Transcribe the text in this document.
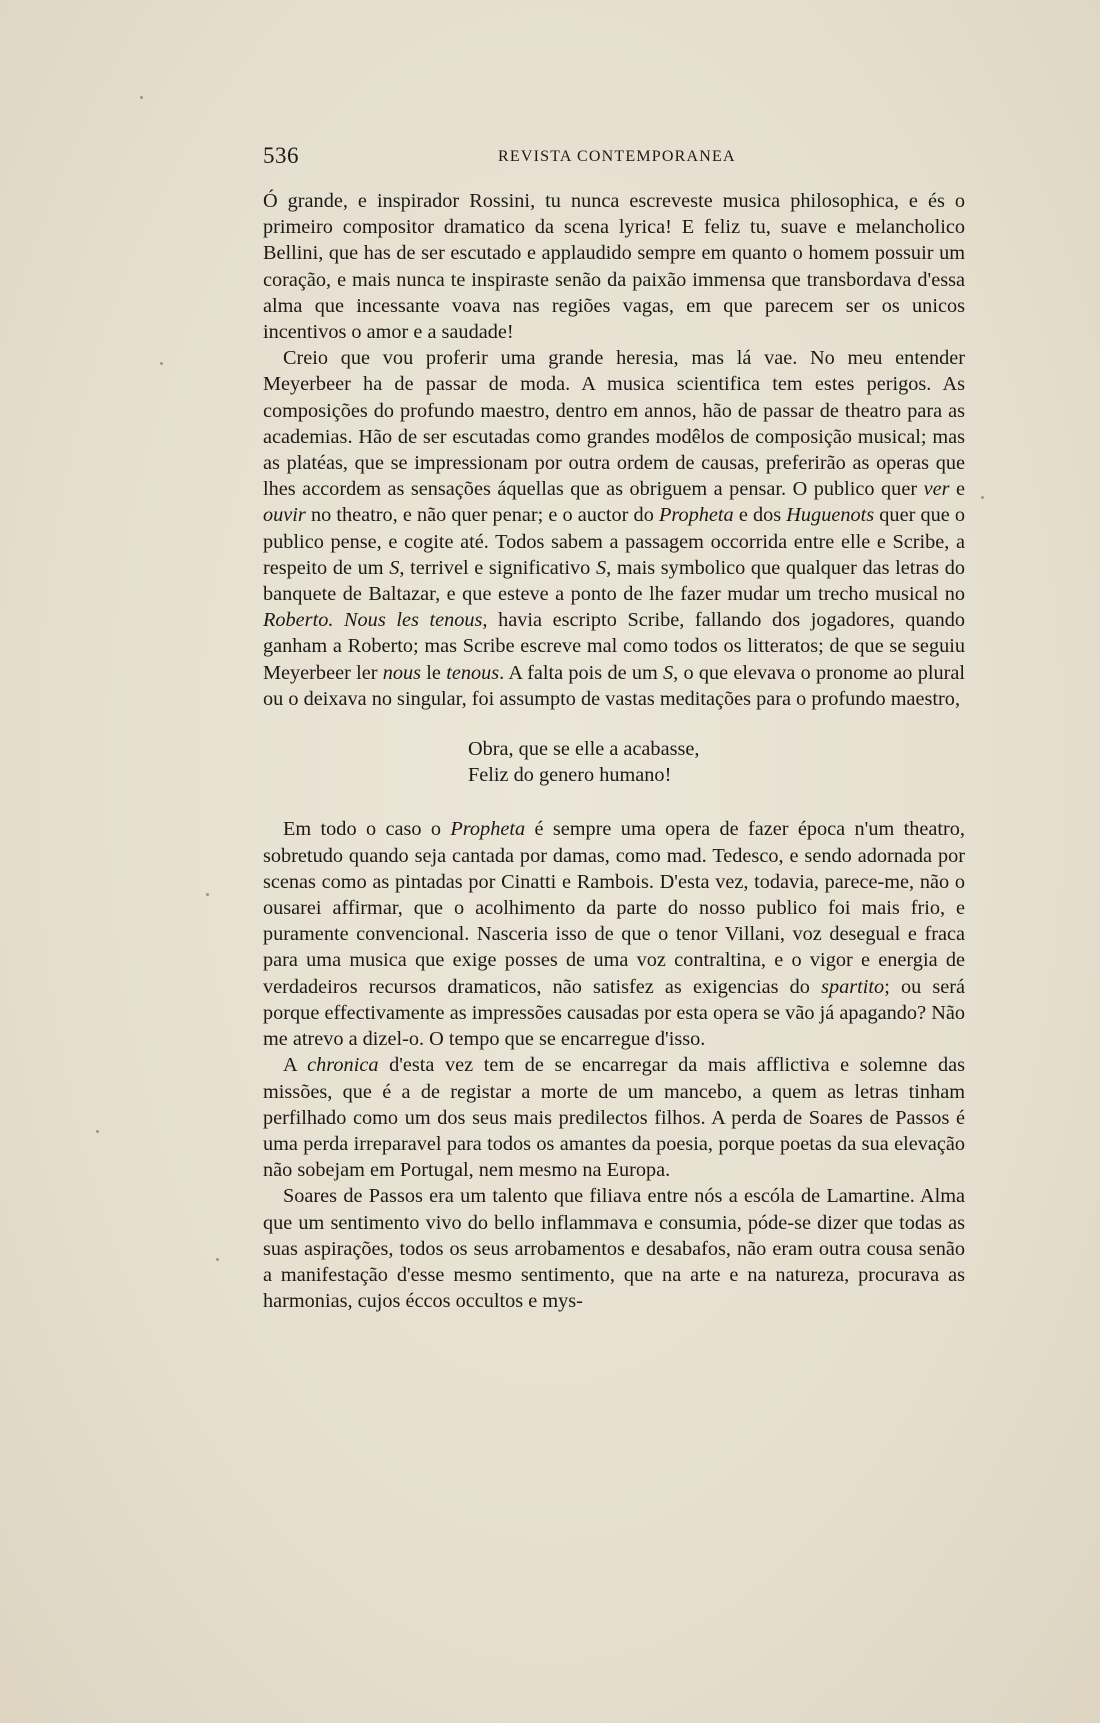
536	REVISTA CONTEMPORANEA

Ó grande, e inspirador Rossini, tu nunca escreveste musica philosophica, e és o primeiro compositor dramatico da scena lyrica! E feliz tu, suave e melancholico Bellini, que has de ser escutado e applaudido sempre em quanto o homem possuir um coração, e mais nunca te inspiraste senão da paixão immensa que transbordava d'essa alma que incessante voava nas regiões vagas, em que parecem ser os unicos incentivos o amor e a saudade!

Creio que vou proferir uma grande heresia, mas lá vae. No meu entender Meyerbeer ha de passar de moda. A musica scientifica tem estes perigos. As composições do profundo maestro, dentro em annos, hão de passar de theatro para as academias. Hão de ser escutadas como grandes modêlos de composição musical; mas as platéas, que se impressionam por outra ordem de causas, preferirão as operas que lhes accordem as sensações áquellas que as obriguem a pensar. O publico quer ver e ouvir no theatro, e não quer penar; e o auctor do Propheta e dos Huguenots quer que o publico pense, e cogite até. Todos sabem a passagem occorrida entre elle e Scribe, a respeito de um S, terrivel e significativo S, mais symbolico que qualquer das letras do banquete de Baltazar, e que esteve a ponto de lhe fazer mudar um trecho musical no Roberto. Nous les tenous, havia escripto Scribe, fallando dos jogadores, quando ganham a Roberto; mas Scribe escreve mal como todos os litteratos; de que se seguiu Meyerbeer ler nous le tenous. A falta pois de um S, o que elevava o pronome ao plural ou o deixava no singular, foi assumpto de vastas meditações para o profundo maestro,

Obra, que se elle a acabasse,
Feliz do genero humano!

Em todo o caso o Propheta é sempre uma opera de fazer época n'um theatro, sobretudo quando seja cantada por damas, como mad. Tedesco, e sendo adornada por scenas como as pintadas por Cinatti e Rambois. D'esta vez, todavia, parece-me, não o ousarei affirmar, que o acolhimento da parte do nosso publico foi mais frio, e puramente convencional. Nasceria isso de que o tenor Villani, voz desegual e fraca para uma musica que exige posses de uma voz contraltina, e o vigor e energia de verdadeiros recursos dramaticos, não satisfez as exigencias do spartito; ou será porque effectivamente as impressões causadas por esta opera se vão já apagando? Não me atrevo a dizel-o. O tempo que se encarregue d'isso.

A chronica d'esta vez tem de se encarregar da mais afflictiva e solemne das missões, que é a de registar a morte de um mancebo, a quem as letras tinham perfilhado como um dos seus mais predilectos filhos. A perda de Soares de Passos é uma perda irreparavel para todos os amantes da poesia, porque poetas da sua elevação não sobejam em Portugal, nem mesmo na Europa.

Soares de Passos era um talento que filiava entre nós a escóla de Lamartine. Alma que um sentimento vivo do bello inflammava e consumia, póde-se dizer que todas as suas aspirações, todos os seus arrobamentos e desabafos, não eram outra cousa senão a manifestação d'esse mesmo sentimento, que na arte e na natureza, procurava as harmonias, cujos éccos occultos e mys-
